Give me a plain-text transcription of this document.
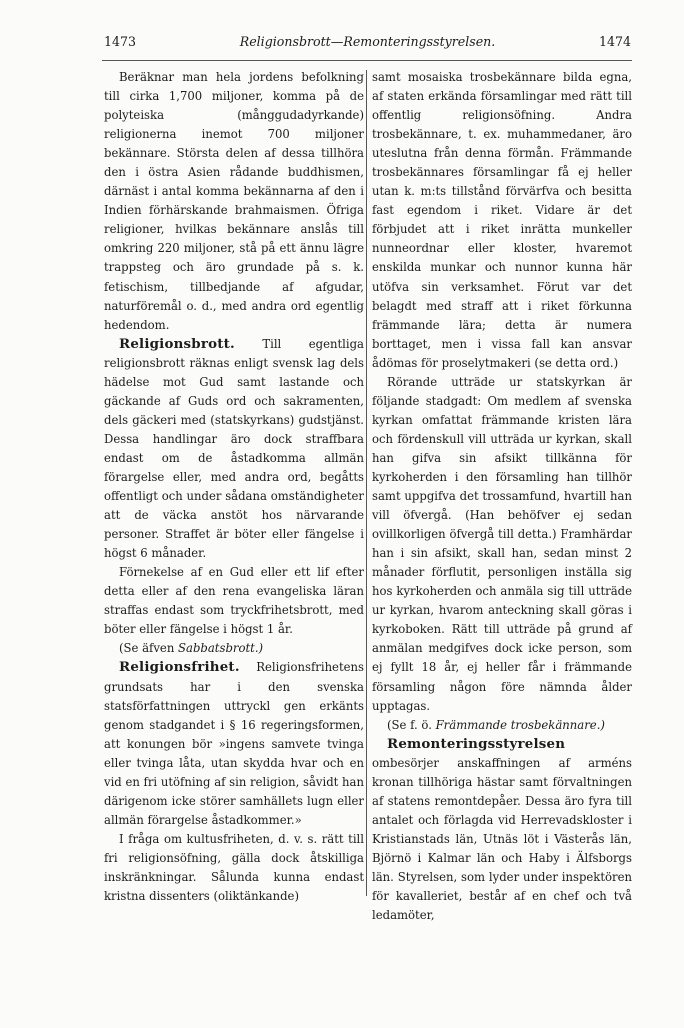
1473	Religionsbrott—Remonteringsstyrelsen.	1474

Beräknar man hela jordens befolkning till cirka 1,700 miljoner, komma på de polyteiska (månggudadyrkande) religionerna inemot 700 miljoner bekännare. Största delen af dessa tillhöra den i östra Asien rådande buddhismen, därnäst i antal komma bekännarna af den i Indien förhärskande brahmaismen. Öfriga religioner, hvilkas bekännare anslås till omkring 220 miljoner, stå på ett ännu lägre trappsteg och äro grundade på s. k. fetischism, tillbedjande af afgudar, naturföremål o. d., med andra ord egentlig hedendom.

Religionsbrott. Till egentliga religionsbrott räknas enligt svensk lag dels hädelse mot Gud samt lastande och gäckande af Guds ord och sakramenten, dels gäckeri med (statskyrkans) gudstjänst. Dessa handlingar äro dock straffbara endast om de åstadkomma allmän förargelse eller, med andra ord, begåtts offentligt och under sådana omständigheter att de väcka anstöt hos närvarande personer. Straffet är böter eller fängelse i högst 6 månader.

Förnekelse af en Gud eller ett lif efter detta eller af den rena evangeliska läran straffas endast som tryckfrihetsbrott, med böter eller fängelse i högst 1 år.

(Se äfven Sabbatsbrott.)

Religionsfrihet. Religionsfrihetens grundsats har i den svenska statsförfattningen uttryckl gen erkänts genom stadgandet i § 16 regeringsformen, att konungen bör »ingens samvete tvinga eller tvinga låta, utan skydda hvar och en vid en fri utöfning af sin religion, såvidt han därigenom icke störer samhällets lugn eller allmän förargelse åstadkommer.»

I fråga om kultusfriheten, d. v. s. rätt till fri religionsöfning, gälla dock åtskilliga inskränkningar. Sålunda kunna endast kristna dissenters (oliktänkande)

samt mosaiska trosbekännare bilda egna, af staten erkända församlingar med rätt till offentlig religionsöfning. Andra trosbekännare, t. ex. muhammedaner, äro uteslutna från denna förmån. Främmande trosbekännares församlingar få ej heller utan k. m:ts tillstånd förvärfva och besitta fast egendom i riket. Vidare är det förbjudet att i riket inrätta munkeller nunneordnar eller kloster, hvaremot enskilda munkar och nunnor kunna här utöfva sin verksamhet. Förut var det belagdt med straff att i riket förkunna främmande lära; detta är numera borttaget, men i vissa fall kan ansvar ådömas för proselytmakeri (se detta ord.)

Rörande utträde ur statskyrkan är följande stadgadt: Om medlem af svenska kyrkan omfattat främmande kristen lära och fördenskull vill utträda ur kyrkan, skall han gifva sin afsikt tillkänna för kyrkoherden i den församling han tillhör samt uppgifva det trossamfund, hvartill han vill öfvergå. (Han behöfver ej sedan ovillkorligen öfvergå till detta.) Framhärdar han i sin afsikt, skall han, sedan minst 2 månader förflutit, personligen inställa sig hos kyrkoherden och anmäla sig till utträde ur kyrkan, hvarom anteckning skall göras i kyrkoboken. Rätt till utträde på grund af anmälan medgifves dock icke person, som ej fyllt 18 år, ej heller får i främmande församling någon före nämnda ålder upptagas.

(Se f. ö. Främmande trosbekännare.)

Remonteringsstyrelsen ombesörjer anskaffningen af arméns kronan tillhöriga hästar samt förvaltningen af statens remontdepåer. Dessa äro fyra till antalet och förlagda vid Herrevadskloster i Kristianstads län, Utnäs löt i Västerås län, Björnö i Kalmar län och Haby i Älfsborgs län. Styrelsen, som lyder under inspektören för kavalleriet, består af en chef och två ledamöter,
